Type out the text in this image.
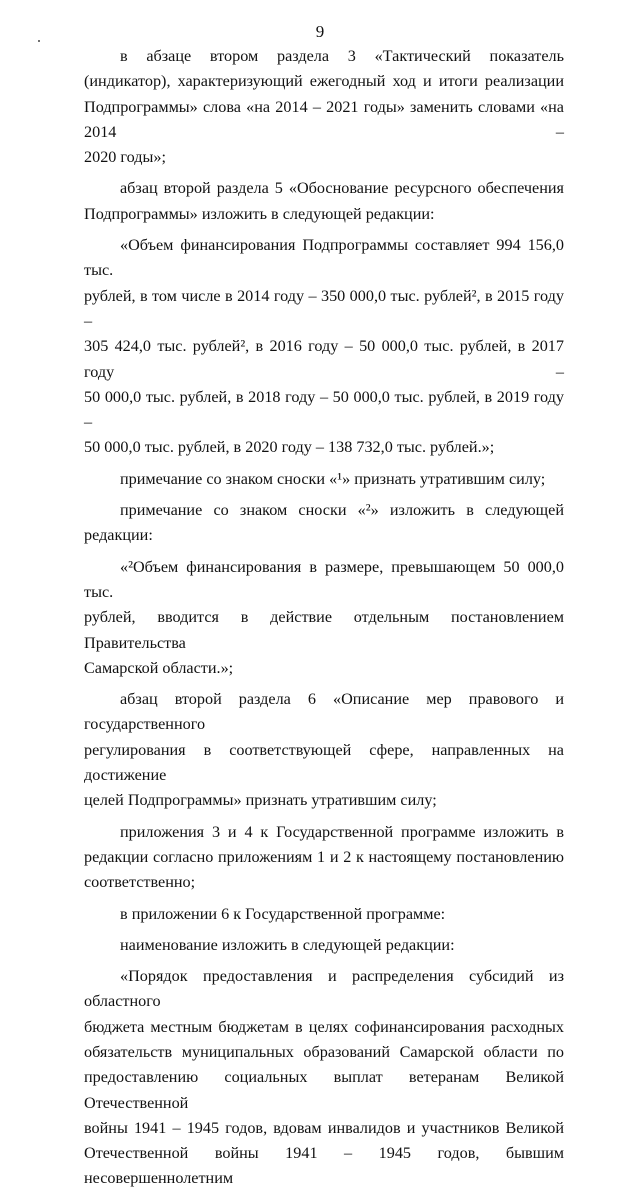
9
в абзаце втором раздела 3 «Тактический показатель
(индикатор), характеризующий ежегодный ход и итоги реализации
Подпрограммы» слова «на 2014 – 2021 годы» заменить словами «на 2014 –
2020 годы»;
абзац второй раздела 5 «Обоснование ресурсного обеспечения
Подпрограммы» изложить в следующей редакции:
«Объем финансирования Подпрограммы составляет 994 156,0 тыс.
рублей, в том числе в 2014 году – 350 000,0 тыс. рублей², в 2015 году –
305 424,0 тыс. рублей², в 2016 году – 50 000,0 тыс. рублей, в 2017 году –
50 000,0 тыс. рублей, в 2018 году – 50 000,0 тыс. рублей, в 2019 году –
50 000,0 тыс. рублей, в 2020 году – 138 732,0 тыс. рублей.»;
примечание со знаком сноски «¹» признать утратившим силу;
примечание со знаком сноски «²» изложить в следующей редакции:
«²Объем финансирования в размере, превышающем 50 000,0 тыс.
рублей, вводится в действие отдельным постановлением Правительства
Самарской области.»;
абзац второй раздела 6 «Описание мер правового и государственного
регулирования в соответствующей сфере, направленных на достижение
целей Подпрограммы» признать утратившим силу;
приложения 3 и 4 к Государственной программе изложить в
редакции согласно приложениям 1 и 2 к настоящему постановлению
соответственно;
в приложении 6 к Государственной программе:
наименование изложить в следующей редакции:
«Порядок предоставления и распределения субсидий из областного
бюджета местным бюджетам в целях софинансирования расходных
обязательств муниципальных образований Самарской области по
предоставлению социальных выплат ветеранам Великой Отечественной
войны 1941 – 1945 годов, вдовам инвалидов и участников Великой
Отечественной войны 1941 – 1945 годов, бывшим несовершеннолетним
